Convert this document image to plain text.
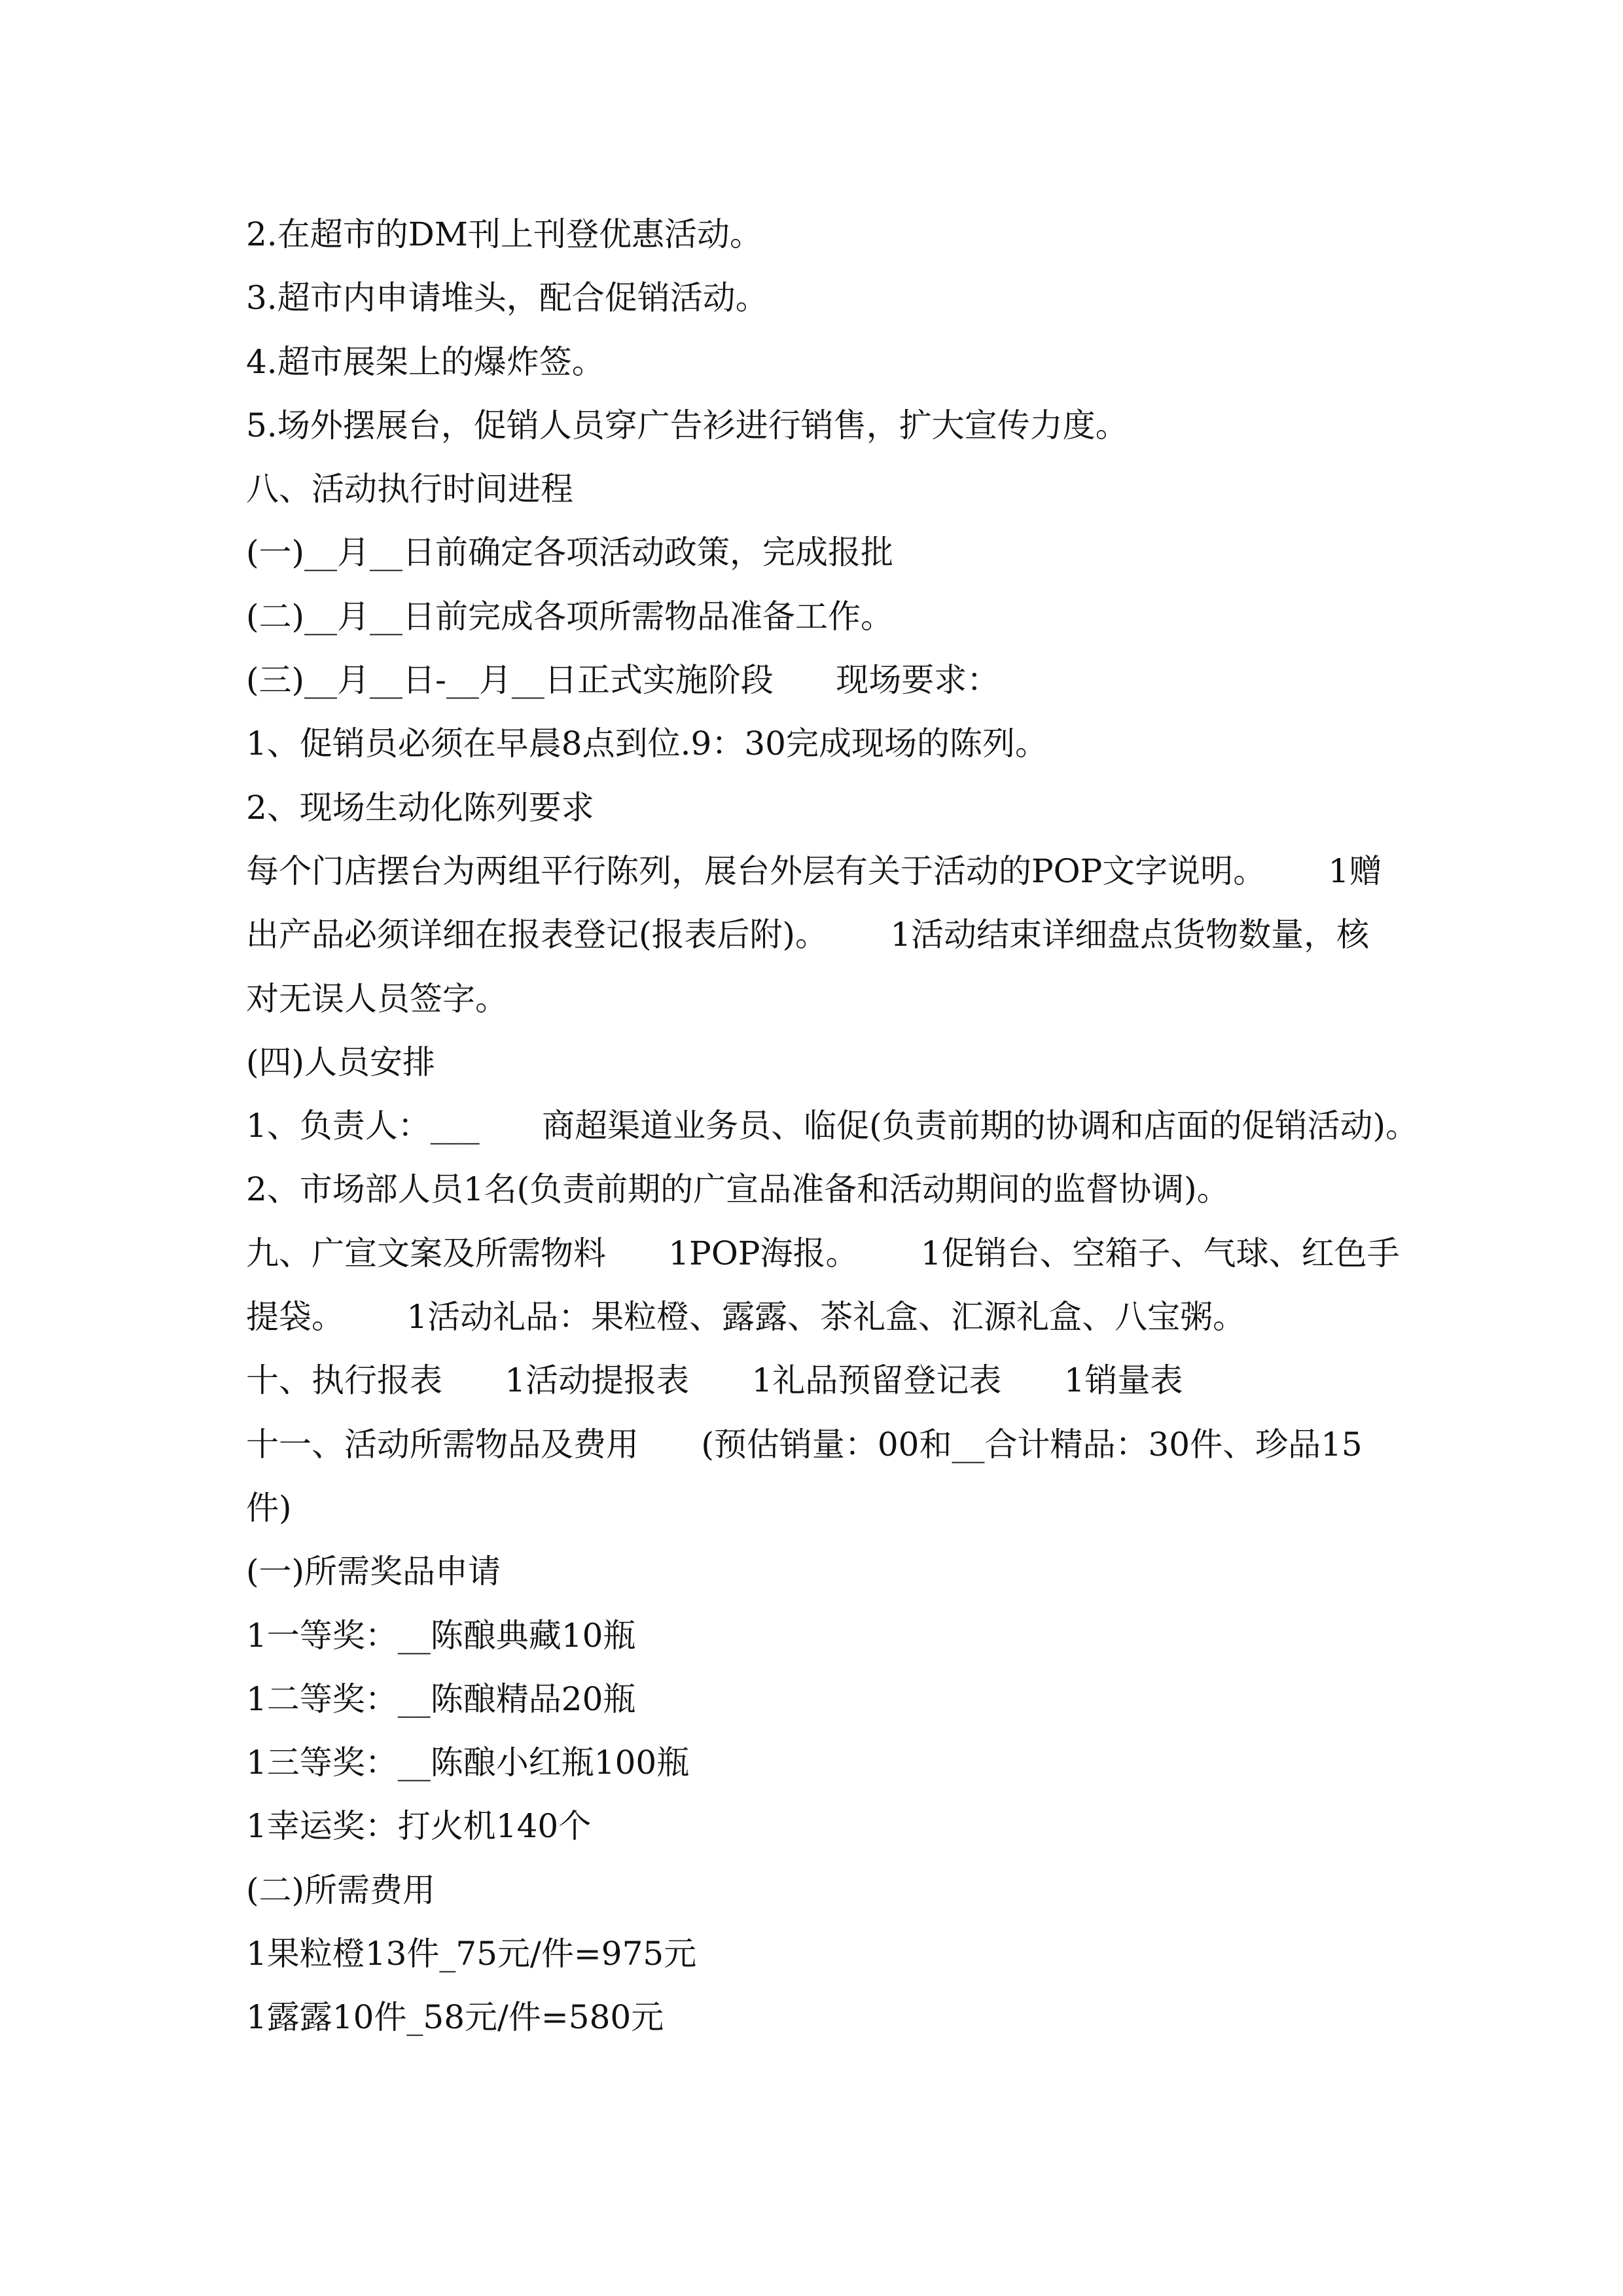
2.在超市的DM刊上刊登优惠活动。

3.超市内申请堆头，配合促销活动。

4.超市展架上的爆炸签。

5.场外摆展台，促销人员穿广告衫进行销售，扩大宣传力度。

八、活动执行时间进程

(一)__月__日前确定各项活动政策，完成报批

(二)__月__日前完成各项所需物品准备工作。

(三)__月__日-__月__日正式实施阶段      现场要求：

1、促销员必须在早晨8点到位.9：30完成现场的陈列。

2、现场生动化陈列要求

每个门店摆台为两组平行陈列，展台外层有关于活动的POP文字说明。      1赠

出产品必须详细在报表登记(报表后附)。      1活动结束详细盘点货物数量，核

对无误人员签字。

(四)人员安排

1、负责人：___      商超渠道业务员、临促(负责前期的协调和店面的促销活动)。

2、市场部人员1名(负责前期的广宣品准备和活动期间的监督协调)。

九、广宣文案及所需物料      1POP海报。      1促销台、空箱子、气球、红色手

提袋。      1活动礼品：果粒橙、露露、茶礼盒、汇源礼盒、八宝粥。

十、执行报表      1活动提报表      1礼品预留登记表      1销量表

十一、活动所需物品及费用      (预估销量：00和__合计精品：30件、珍品15

件)

(一)所需奖品申请

1一等奖：__陈酿典藏10瓶

1二等奖：__陈酿精品20瓶

1三等奖：__陈酿小红瓶100瓶

1幸运奖：打火机140个

(二)所需费用

1果粒橙13件_75元/件=975元

1露露10件_58元/件=580元
